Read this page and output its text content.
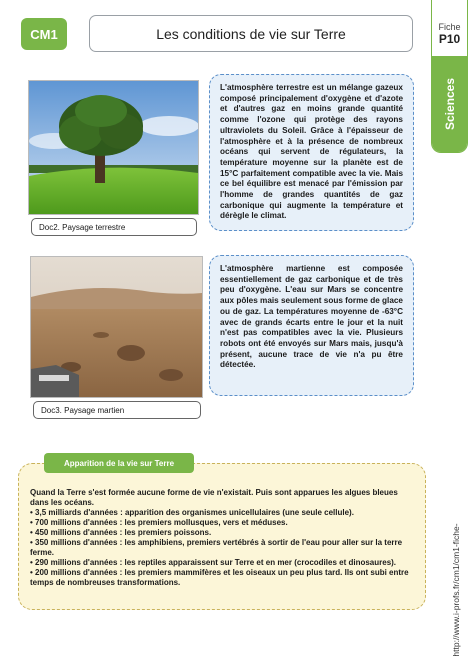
CM1	Les conditions de vie sur Terre	Fiche
P10
Sciences
Doc2. Paysage terrestre
L'atmosphère terrestre est un mélange gazeux composé principalement d'oxygène et d'azote et d'autres gaz en moins grande quantité comme l'ozone qui protège des rayons ultraviolets du Soleil. Grâce à l'épaisseur de l'atmosphère et à la présence de nombreux océans qui servent de régulateurs, la température moyenne sur la planète est de 15°C parfaitement compatible avec la vie. Mais ce bel équilibre est menacé par l'émission par l'homme de grandes quantités de gaz carbonique qui augmente la température et dérègle le climat.
Doc3. Paysage martien
L'atmosphère martienne est composée essentiellement de gaz carbonique et de très peu d'oxygène. L'eau sur Mars se concentre aux pôles mais seulement sous forme de glace ou de gaz. La températures moyenne de -63°C avec de grands écarts entre le jour et la nuit n'est pas compatibles avec la vie. Plusieurs robots ont été envoyés sur Mars mais, jusqu'à présent, aucune trace de vie n'a pu être détectée.
Apparition de la vie sur Terre

Quand la Terre s'est formée aucune forme de vie n'existait. Puis sont apparues les algues bleues dans les océans.

• 3,5 milliards d'années : apparition des organismes unicellulaires (une seule cellule).

• 700 millions d'années : les premiers mollusques, vers et méduses.

• 450 millions d'années : les premiers poissons.

• 350 millions d'années : les amphibiens, premiers vertébrés à sortir de l'eau pour aller sur la terre ferme.

• 290 millions d'années : les reptiles apparaissent sur Terre et en mer (crocodiles et dinosaures).

• 200 millions d'années : les premiers mammifères et les oiseaux un peu plus tard. Ils ont subi entre temps de nombreuses transformations.	http://www.i-profs.fr/cm1/cm1-fiche-
